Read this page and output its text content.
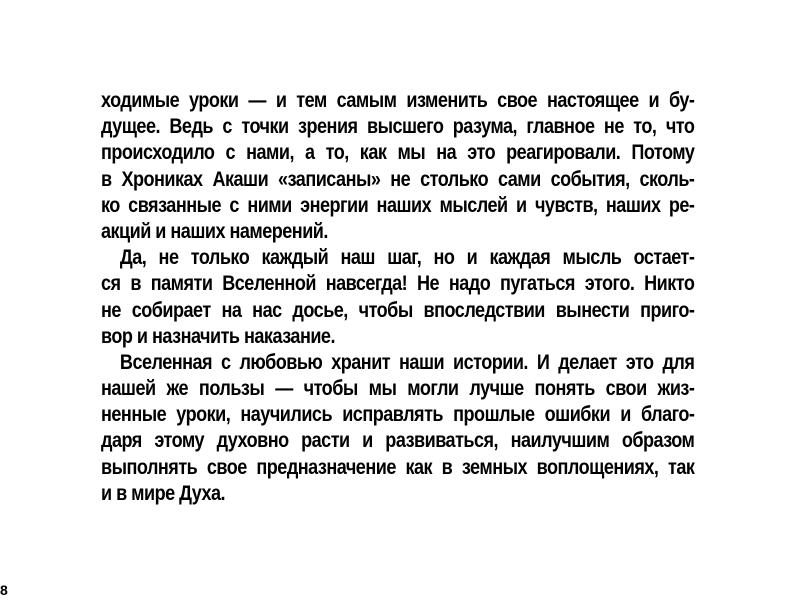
ходимые уроки — и тем самым изменить свое настоящее и бу-
дущее. Ведь с точки зрения высшего разума, главное не то, что
происходило с нами, а то, как мы на это реагировали. Потому
в Хрониках Акаши «записаны» не столько сами события, сколь-
ко связанные с ними энергии наших мыслей и чувств, наших ре-
акций и наших намерений.
Да, не только каждый наш шаг, но и каждая мысль остает-
ся в памяти Вселенной навсегда! Не надо пугаться этого. Никто
не собирает на нас досье, чтобы впоследствии вынести приго-
вор и назначить наказание.
Вселенная с любовью хранит наши истории. И делает это для
нашей же пользы — чтобы мы могли лучше понять свои жиз-
ненные уроки, научились исправлять прошлые ошибки и благо-
даря этому духовно расти и развиваться, наилучшим образом
выполнять свое предназначение как в земных воплощениях, так
и в мире Духа.
8
